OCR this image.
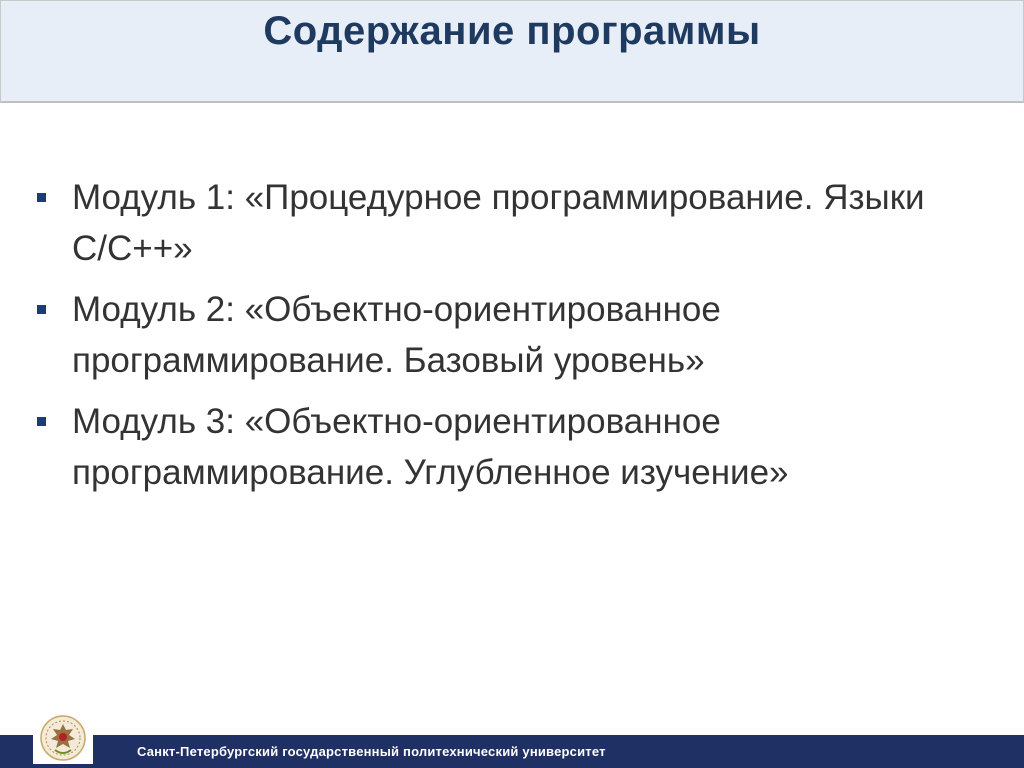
Содержание программы
Модуль 1: «Процедурное программирование. Языки C/C++»
Модуль 2: «Объектно-ориентированное программирование. Базовый уровень»
Модуль 3: «Объектно-ориентированное программирование. Углубленное изучение»
Санкт-Петербургский государственный политехнический университет
